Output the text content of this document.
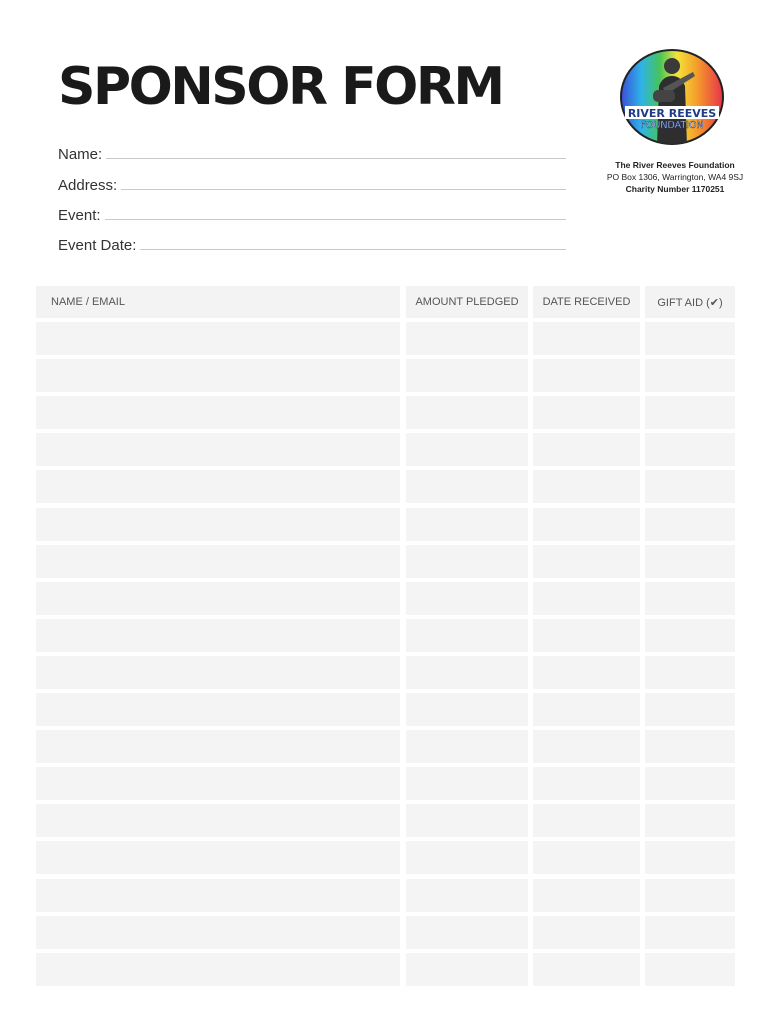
SPONSOR FORM
Name:
Address:
Event:
Event Date:
RIVER REEVES
FOUNDATION
The River Reeves Foundation
PO Box 1306, Warrington, WA4 9SJ
Charity Number 1170251
NAME / EMAIL	AMOUNT PLEDGED	DATE RECEIVED	GIFT AID (✔)
